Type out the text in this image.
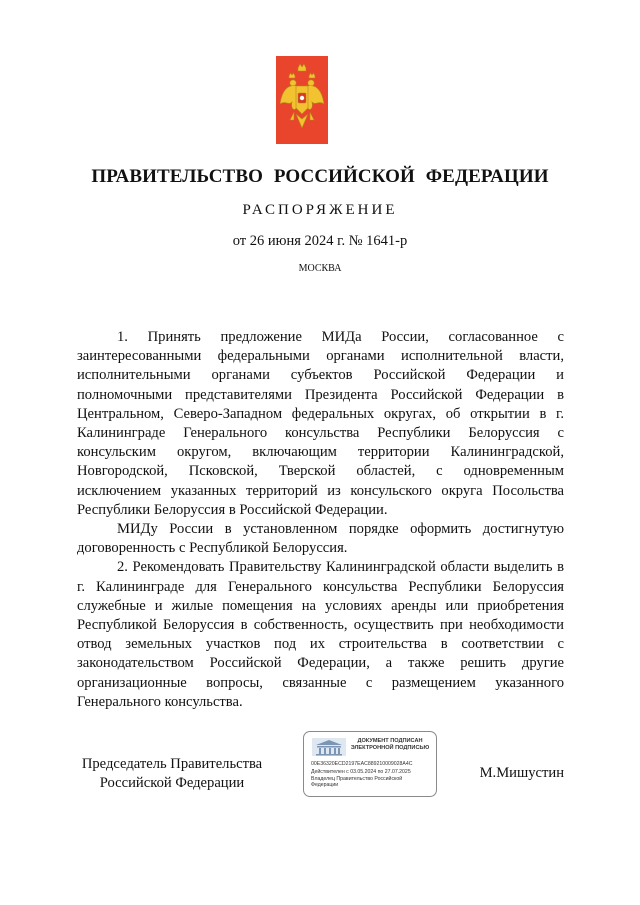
ПРАВИТЕЛЬСТВО РОССИЙСКОЙ ФЕДЕРАЦИИ
РАСПОРЯЖЕНИЕ
от 26 июня 2024 г. № 1641-р
МОСКВА

1. Принять предложение МИДа России, согласованное с заинтересованными федеральными органами исполнительной власти, исполнительными органами субъектов Российской Федерации и полномочными представителями Президента Российской Федерации в Центральном, Северо-Западном федеральных округах, об открытии в г. Калининграде Генерального консульства Республики Белоруссия с консульским округом, включающим территории Калининградской, Новгородской, Псковской, Тверской областей, с одновременным исключением указанных территорий из консульского округа Посольства Республики Белоруссия в Российской Федерации.

МИДу России в установленном порядке оформить достигнутую договоренность с Республикой Белоруссия.

2. Рекомендовать Правительству Калининградской области выделить в г. Калининграде для Генерального консульства Республики Белоруссия служебные и жилые помещения на условиях аренды или приобретения Республикой Белоруссия в собственность, осуществить при необходимости отвод земельных участков под их строительства в соответствии с законодательством Российской Федерации, а также решить другие организационные вопросы, связанные с размещением указанного Генерального консульства.

Председатель Правительства
Российской Федерации
ДОКУМЕНТ ПОДПИСАН
ЭЛЕКТРОННОЙ ПОДПИСЬЮ
00E36320ECD2197EAC889210009028A4C
Действителен с 03.05.2024 по 27.07.2025
Владелец Правительство Российской
Федерации
М.Мишустин
